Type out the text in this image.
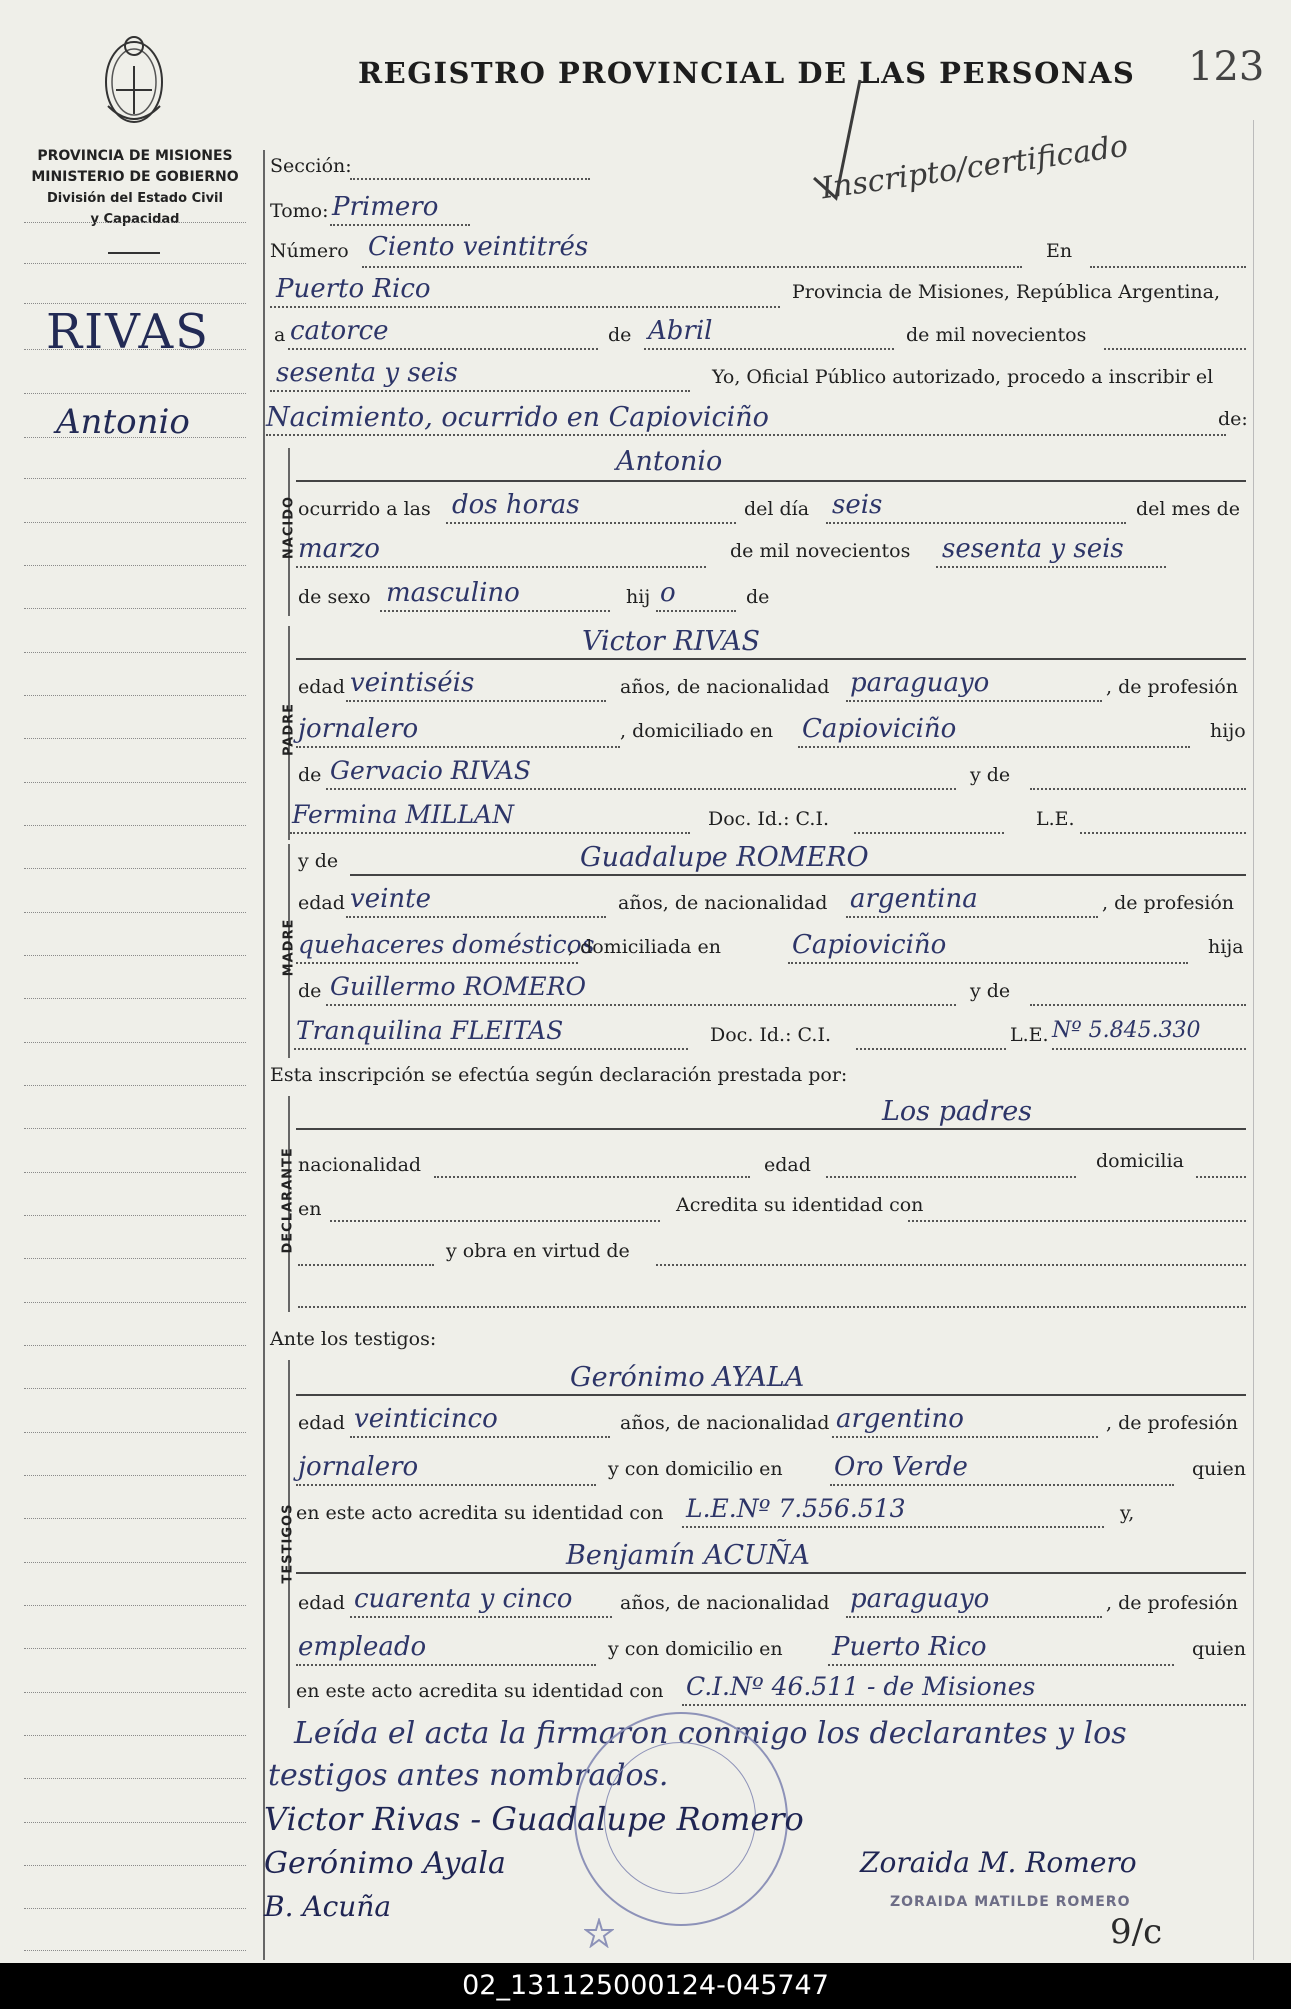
PROVINCIA DE MISIONES
MINISTERIO DE GOBIERNO
División del Estado Civil
y Capacidad
REGISTRO PROVINCIAL DE LAS PERSONAS 123
Inscripto/certificado
RIVAS
Antonio
Sección:
Tomo: Primero
Número Ciento veintitrés	En
Puerto Rico	Provincia de Misiones, República Argentina,
a catorce	de Abril	de mil novecientos
sesenta y seis	Yo, Oficial Público autorizado, procedo a inscribir el
Nacimiento, ocurrido en Capioviciño	de:
NACIDO
Antonio
ocurrido a las dos horas	del día seis	del mes de
marzo	de mil novecientos sesenta y seis
de sexo masculino	hij o	de
PADRE
Victor RIVAS
edad veintiséis	años, de nacionalidad paraguayo	, de profesión
jornalero	, domiciliado en Capioviciño	hijo
de Gervacio RIVAS	y de
Fermina MILLAN	Doc. Id.: C.I.	L.E.
MADRE
y de	Guadalupe ROMERO
edad veinte	años, de nacionalidad argentina	, de profesión
quehaceres domésticos
, domiciliada en	Capioviciño	hija
de Guillermo ROMERO	y de
Tranquilina FLEITAS	Doc. Id.: C.I.	L.E. Nº 5.845.330
Esta inscripción se efectúa según declaración prestada por:
DECLARANTE
Los padres
nacionalidad	edad	domicilia
en	Acredita su identidad con
y obra en virtud de
Ante los testigos:
TESTIGOS
Gerónimo AYALA
edad veinticinco	años, de nacionalidad argentino	, de profesión
jornalero	y con domicilio en Oro Verde	quien
en este acto acredita su identidad con L.E.Nº 7.556.513	y,
Benjamín ACUÑA
edad cuarenta y cinco	años, de nacionalidad paraguayo	, de profesión
empleado	y con domicilio en Puerto Rico	quien
en este acto acredita su identidad con C.I.Nº 46.511 - de Misiones
Leída el acta la firmaron conmigo los declarantes y los
testigos antes nombrados.
Victor Rivas - Guadalupe Romero
Gerónimo Ayala	Zoraida M. Romero
B. Acuña	ZORAIDA MATILDE ROMERO
9/c
02_131125000124-045747
